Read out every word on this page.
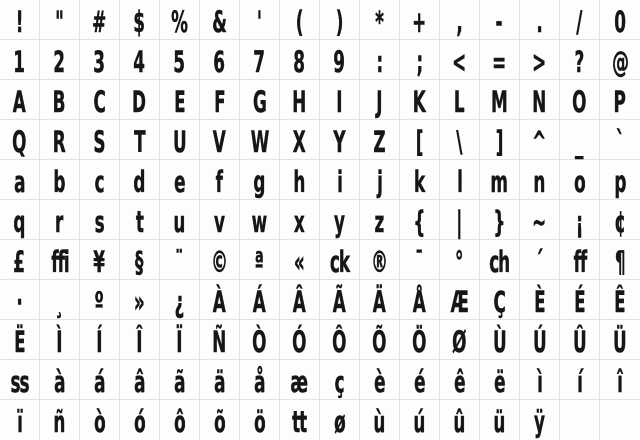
! " # $ % & ' ( ) * + , - . / 0
1 2 3 4 5 6 7 8 9 : ; < = > ? @
A B C D E F G H I J K L M N O P
Q R S T U V W X Y Z [ \ ] ^ _ `
a b c d e f g h i j k l m n o p
q r s t u v w x y z { | } ~ ¡ ¢
£ ffi ¥ § ¨ © ª « ck ® ¯ ° ch ´ ff ¶
· ¸ º » ¿ À Á Â Ã Ä Å Æ Ç È É Ê
Ë Ì Í Î Ï Ñ Ò Ó Ô Õ Ö Ø Ù Ú Û Ü
ss à á â ã ä å æ ç è é ê ë ì í î
ï ñ ò ó ô õ ö tt ø ù ú û ü ÿ
